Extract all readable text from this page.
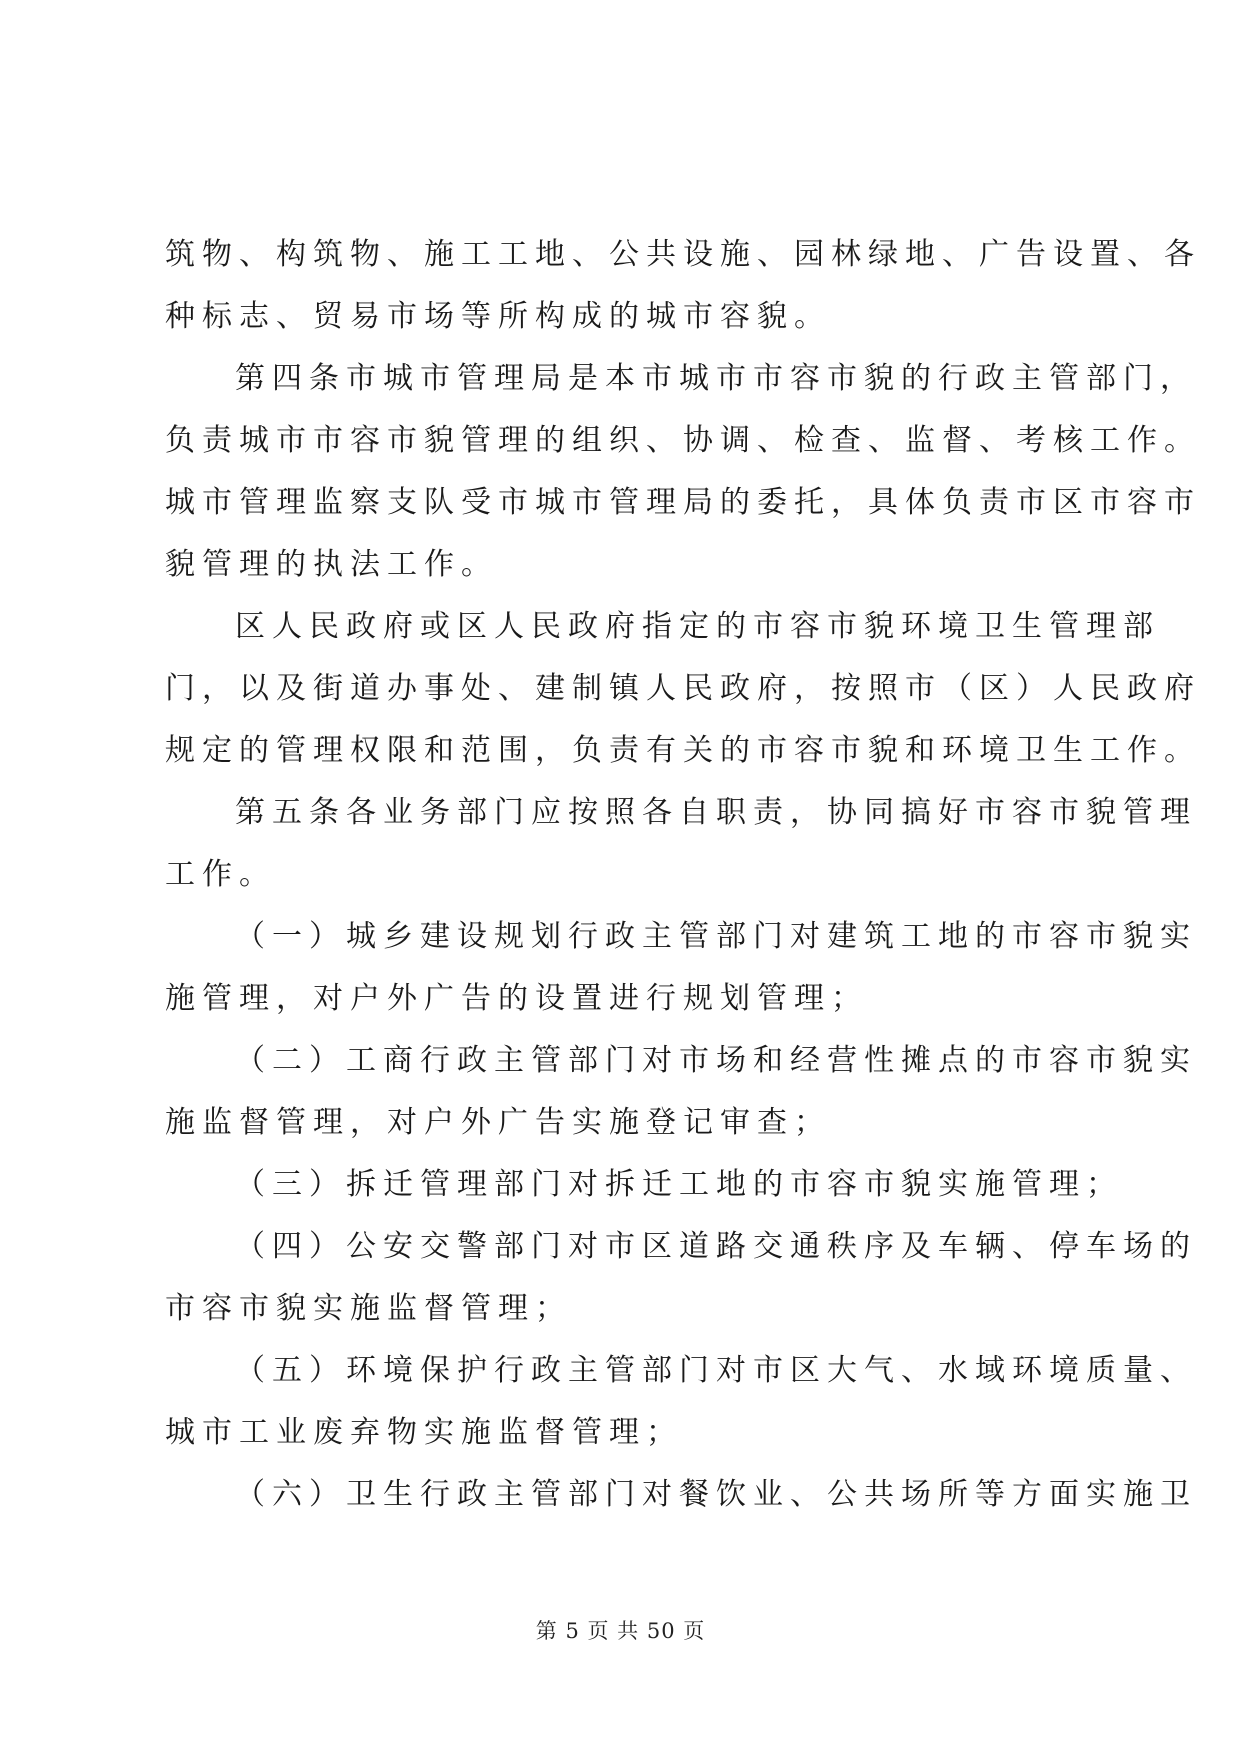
筑物、构筑物、施工工地、公共设施、园林绿地、广告设置、各
种标志、贸易市场等所构成的城市容貌。
第四条市城市管理局是本市城市市容市貌的行政主管部门，
负责城市市容市貌管理的组织、协调、检查、监督、考核工作。
城市管理监察支队受市城市管理局的委托，具体负责市区市容市
貌管理的执法工作。
区人民政府或区人民政府指定的市容市貌环境卫生管理部
门，以及街道办事处、建制镇人民政府，按照市（区）人民政府
规定的管理权限和范围，负责有关的市容市貌和环境卫生工作。
第五条各业务部门应按照各自职责，协同搞好市容市貌管理
工作。
（一）城乡建设规划行政主管部门对建筑工地的市容市貌实
施管理，对户外广告的设置进行规划管理；
（二）工商行政主管部门对市场和经营性摊点的市容市貌实
施监督管理，对户外广告实施登记审查；
（三）拆迁管理部门对拆迁工地的市容市貌实施管理；
（四）公安交警部门对市区道路交通秩序及车辆、停车场的
市容市貌实施监督管理；
（五）环境保护行政主管部门对市区大气、水域环境质量、
城市工业废弃物实施监督管理；
（六）卫生行政主管部门对餐饮业、公共场所等方面实施卫
第 5 页 共 50 页
